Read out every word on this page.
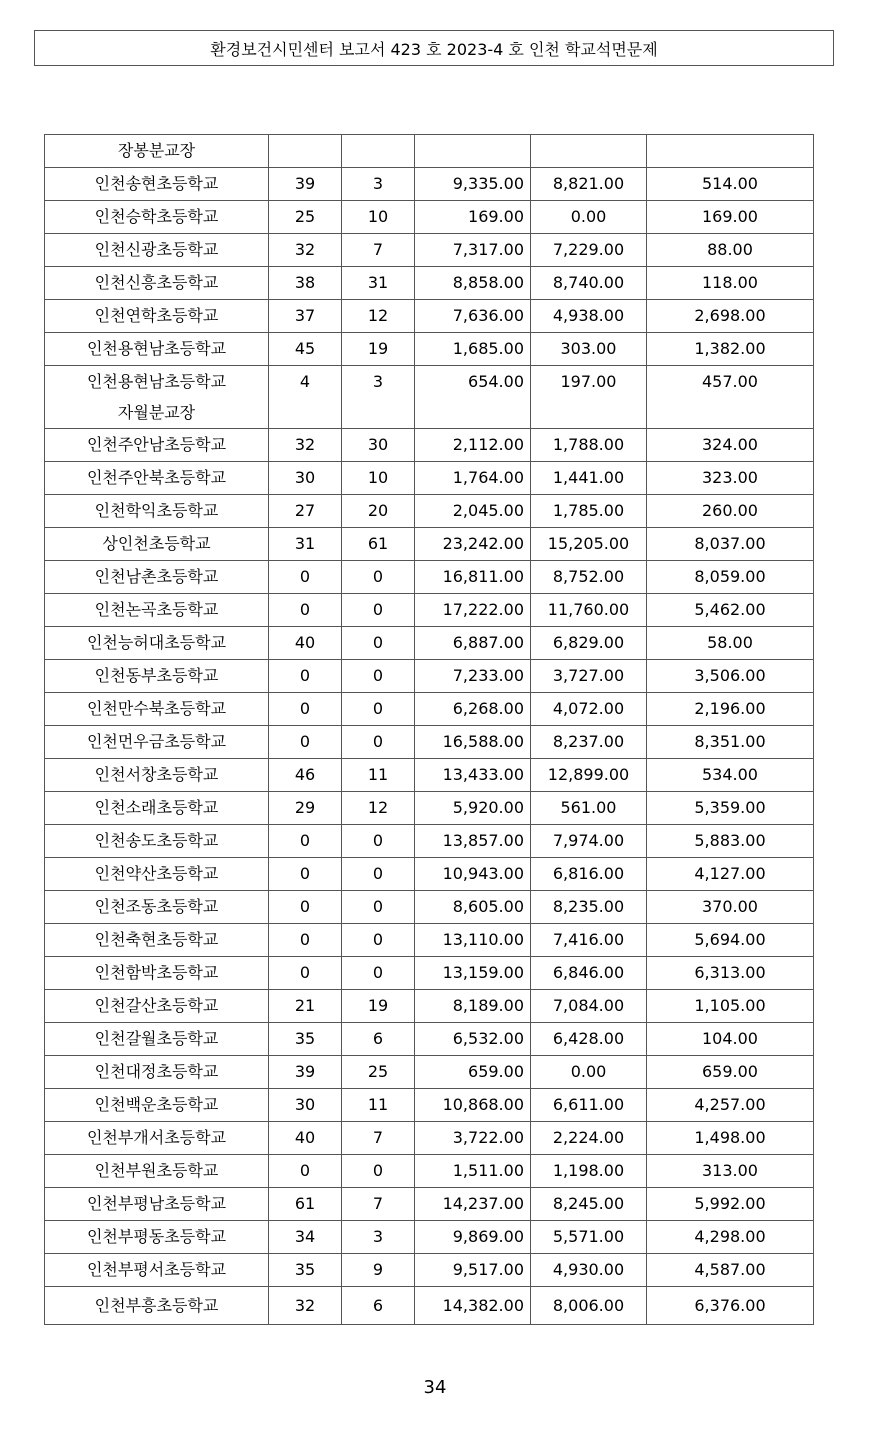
환경보건시민센터 보고서 423 호 2023-4 호 인천 학교석면문제
장봉분교장					
인천송현초등학교	39	3	9,335.00	8,821.00	514.00
인천승학초등학교	25	10	169.00	0.00	169.00
인천신광초등학교	32	7	7,317.00	7,229.00	88.00
인천신흥초등학교	38	31	8,858.00	8,740.00	118.00
인천연학초등학교	37	12	7,636.00	4,938.00	2,698.00
인천용현남초등학교	45	19	1,685.00	303.00	1,382.00
인천용현남초등학교
자월분교장	4	3	654.00	197.00	457.00
인천주안남초등학교	32	30	2,112.00	1,788.00	324.00
인천주안북초등학교	30	10	1,764.00	1,441.00	323.00
인천학익초등학교	27	20	2,045.00	1,785.00	260.00
상인천초등학교	31	61	23,242.00	15,205.00	8,037.00
인천남촌초등학교	0	0	16,811.00	8,752.00	8,059.00
인천논곡초등학교	0	0	17,222.00	11,760.00	5,462.00
인천능허대초등학교	40	0	6,887.00	6,829.00	58.00
인천동부초등학교	0	0	7,233.00	3,727.00	3,506.00
인천만수북초등학교	0	0	6,268.00	4,072.00	2,196.00
인천먼우금초등학교	0	0	16,588.00	8,237.00	8,351.00
인천서창초등학교	46	11	13,433.00	12,899.00	534.00
인천소래초등학교	29	12	5,920.00	561.00	5,359.00
인천송도초등학교	0	0	13,857.00	7,974.00	5,883.00
인천약산초등학교	0	0	10,943.00	6,816.00	4,127.00
인천조동초등학교	0	0	8,605.00	8,235.00	370.00
인천축현초등학교	0	0	13,110.00	7,416.00	5,694.00
인천함박초등학교	0	0	13,159.00	6,846.00	6,313.00
인천갈산초등학교	21	19	8,189.00	7,084.00	1,105.00
인천갈월초등학교	35	6	6,532.00	6,428.00	104.00
인천대정초등학교	39	25	659.00	0.00	659.00
인천백운초등학교	30	11	10,868.00	6,611.00	4,257.00
인천부개서초등학교	40	7	3,722.00	2,224.00	1,498.00
인천부원초등학교	0	0	1,511.00	1,198.00	313.00
인천부평남초등학교	61	7	14,237.00	8,245.00	5,992.00
인천부평동초등학교	34	3	9,869.00	5,571.00	4,298.00
인천부평서초등학교	35	9	9,517.00	4,930.00	4,587.00
인천부흥초등학교	32	6	14,382.00	8,006.00	6,376.00
34
